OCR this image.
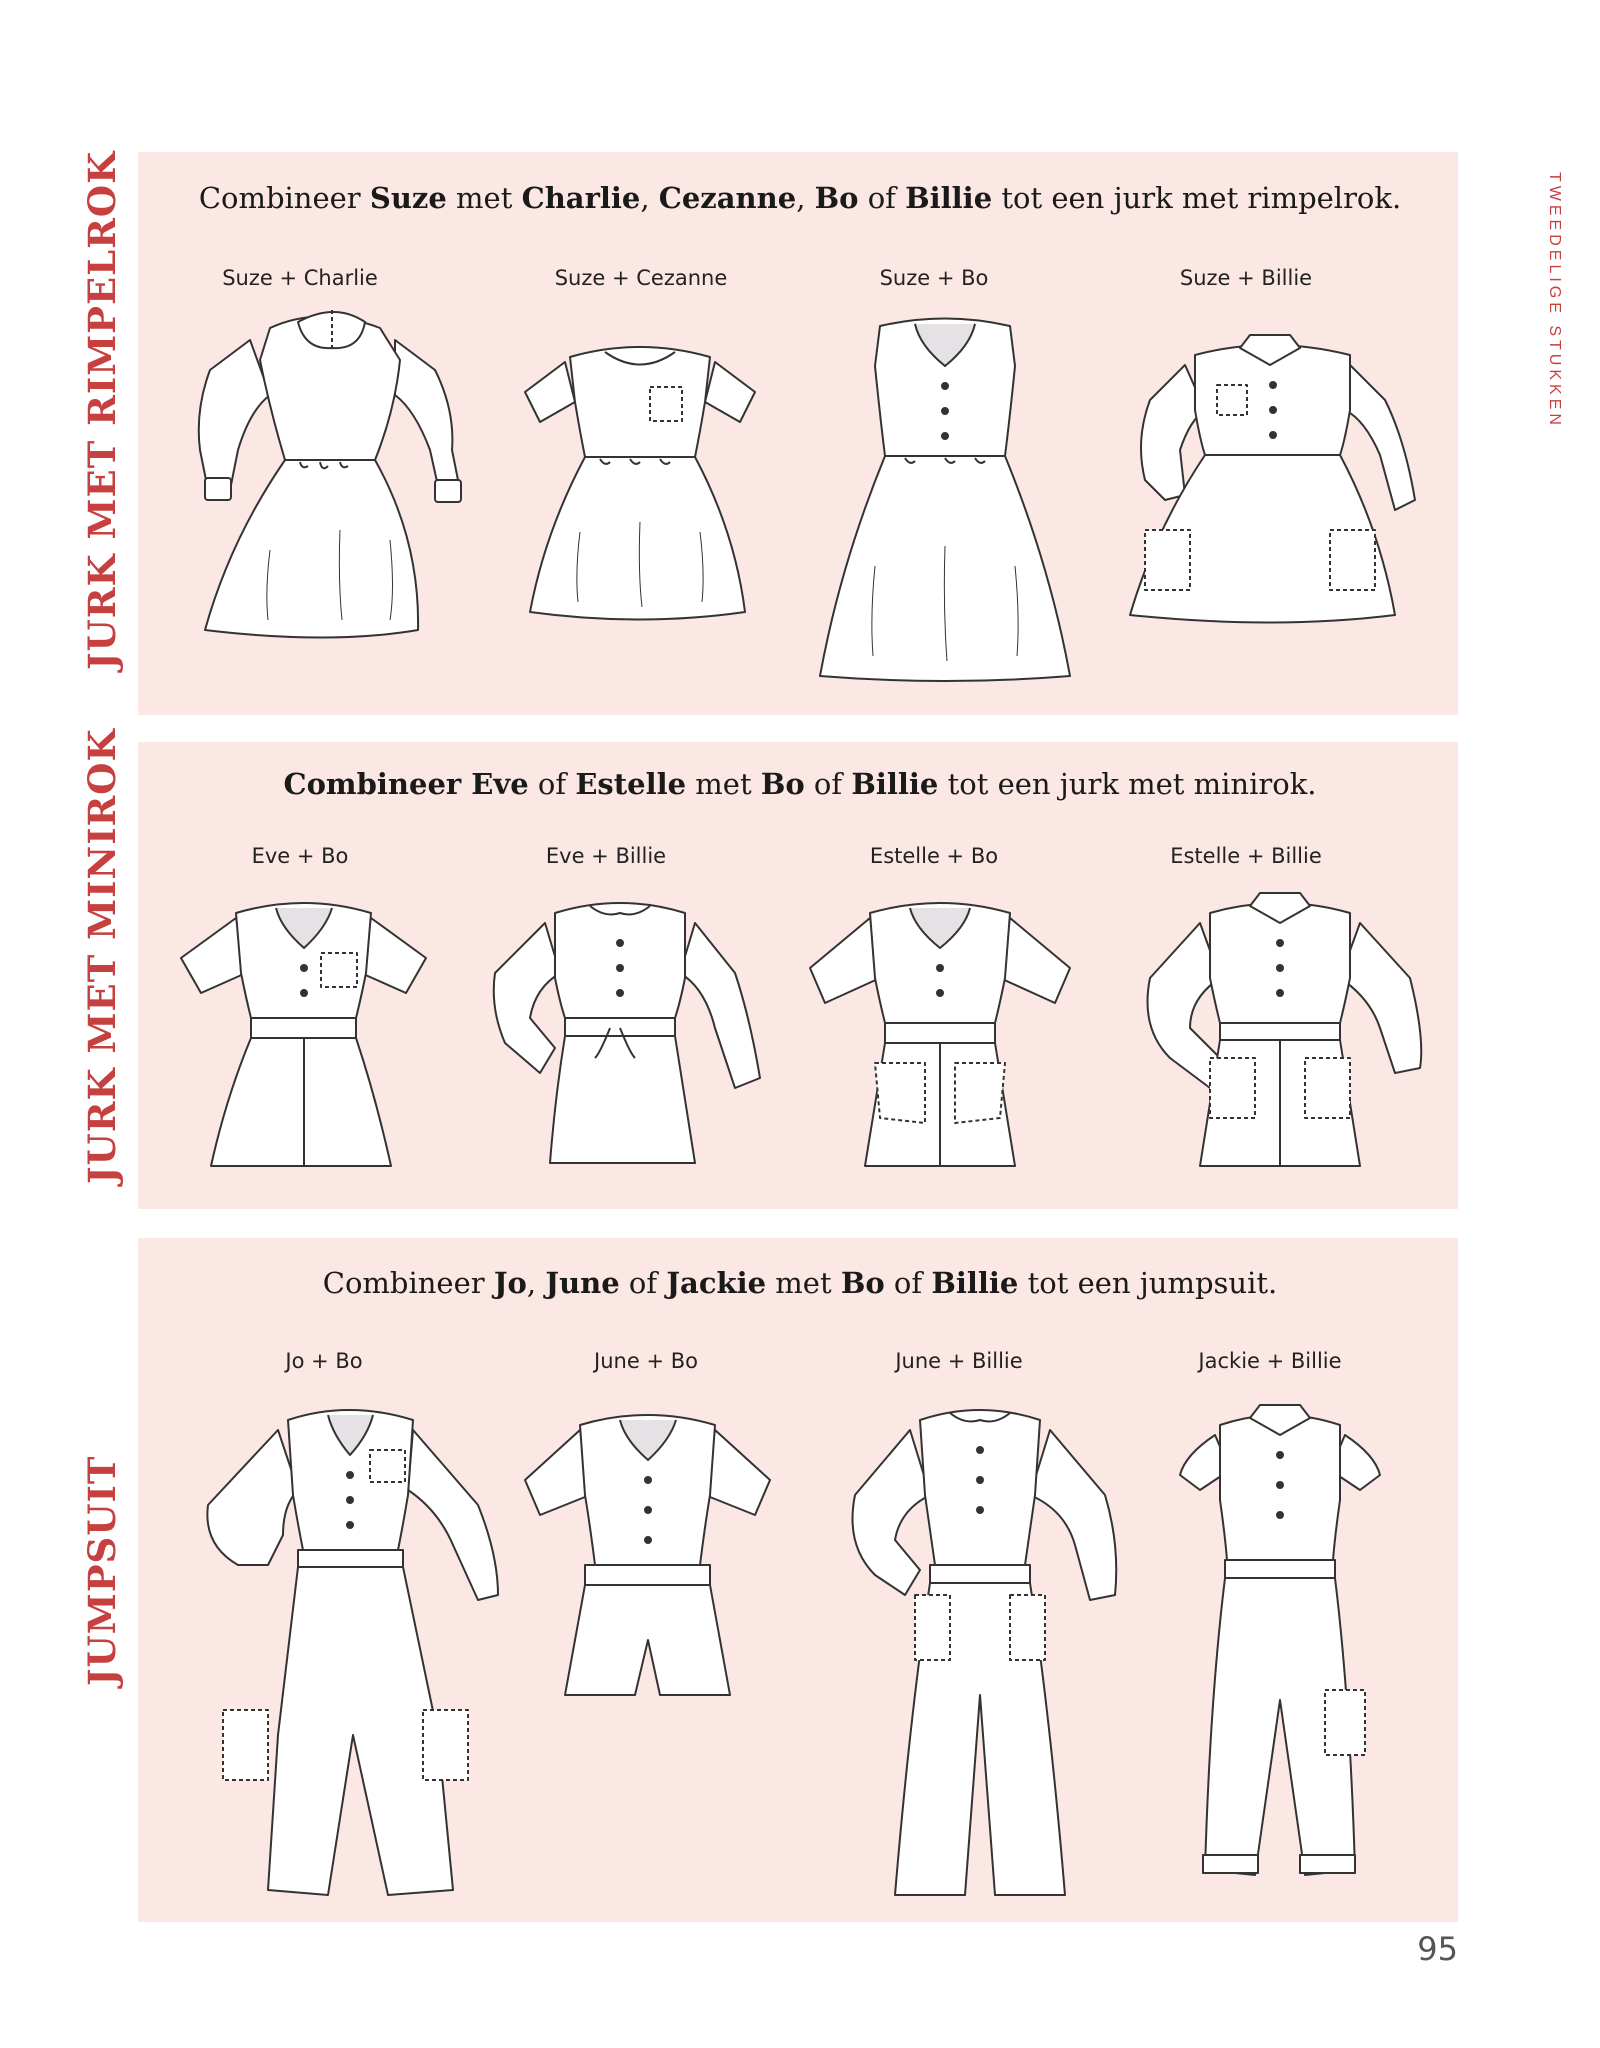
TWEEDELIGE STUKKEN
JURK MET RIMPELROK	Combineer Suze met Charlie, Cezanne, Bo of Billie tot een jurk met rimpelrok.
Suze + Charlie	Suze + Cezanne	Suze + Bo	Suze + Billie
JURK MET MINIROK	Combineer Eve of Estelle met Bo of Billie tot een jurk met minirok.
Eve + Bo	Eve + Billie	Estelle + Bo	Estelle + Billie
JUMPSUIT
Combineer Jo, June of Jackie met Bo of Billie tot een jumpsuit.
Jo + Bo	June + Bo	June + Billie	Jackie + Billie
95
